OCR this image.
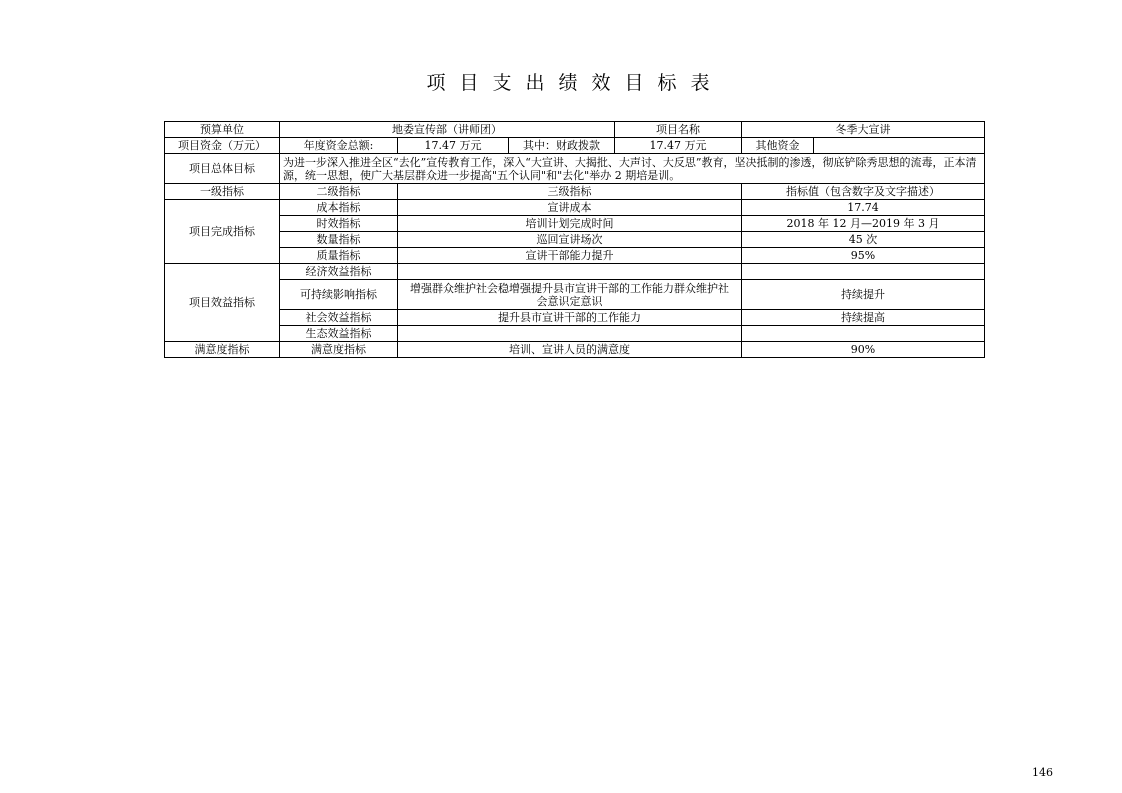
项目支出绩效目标表
预算单位	地委宣传部（讲师团）			项目名称	冬季大宣讲	
项目资金（万元）	年度资金总额:	17.47 万元	其中：财政拨款	17.47 万元	其他资金	
项目总体目标	为进一步深入推进全区“去化”宣传教育工作，深入“大宣讲、大揭批、大声讨、大反思”教育，坚决抵制的渗透，彻底铲除秀思想的流毒，正本清源，统一思想，使广大基层群众进一步提高"五个认同"和"去化"举办 2 期培是训。					
一级指标	二级指标	三级指标			指标值（包含数字及文字描述）	
项目完成指标	成本指标	宣讲成本			17.74	
	时效指标	培训计划完成时间			2018 年 12 月—2019 年 3 月	
	数量指标	巡回宣讲场次			45 次	
	质量指标	宣讲干部能力提升			95%	
项目效益指标	经济效益指标					
	可持续影响指标	增强群众维护社会稳增强提升县市宣讲干部的工作能力群众维护社会意识定意识			持续提升	
	社会效益指标	提升县市宣讲干部的工作能力			持续提高	
	生态效益指标					
满意度指标	满意度指标	培训、宣讲人员的满意度			90%	
146
